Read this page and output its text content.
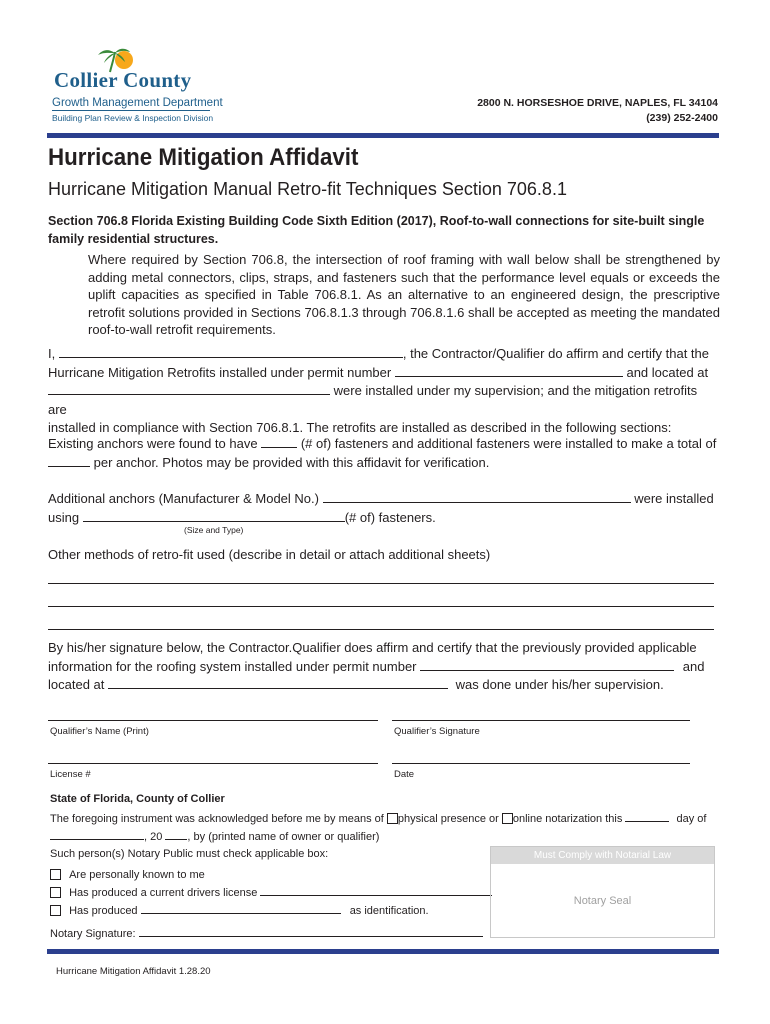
Collier County
Growth Management Department
Building Plan Review & Inspection Division
2800 N. HORSESHOE DRIVE, NAPLES, FL 34104
(239) 252-2400
Hurricane Mitigation Affidavit
Hurricane Mitigation Manual Retro-fit Techniques Section 706.8.1
Section 706.8 Florida Existing Building Code Sixth Edition (2017), Roof-to-wall connections for site-built single family residential structures.
Where required by Section 706.8, the intersection of roof framing with wall below shall be strengthened by adding metal connectors, clips, straps, and fasteners such that the performance level equals or exceeds the uplift capacities as specified in Table 706.8.1. As an alternative to an engineered design, the prescriptive retrofit solutions provided in Sections 706.8.1.3 through 706.8.1.6 shall be accepted as meeting the mandated roof-to-wall retrofit requirements.
I,	, the Contractor/Qualifier do affirm and certify that the
Hurricane Mitigation Retrofits installed under permit number	and located at
were installed under my supervision; and the mitigation retrofits are
installed in compliance with Section 706.8.1. The retrofits are installed as described in the following sections:
Existing anchors were found to have	(# of) fasteners and additional fasteners were installed to make a total of
per anchor. Photos may be provided with this affidavit for verification.
Additional anchors (Manufacturer & Model No.)	were installed
using	(# of) fasteners.
(Size and Type)
Other methods of retro-fit used (describe in detail or attach additional sheets)
By his/her signature below, the Contractor.Qualifier does affirm and certify that the previously provided applicable
information for the roofing system installed under permit number	and
located at	was done under his/her supervision.
Qualifier’s Name (Print)	Qualifier’s Signature
License #	Date
State of Florida, County of Collier
The foregoing instrument was acknowledged before me by means of physical presence or online notarization this	day of
, 20 , by (printed name of owner or qualifier)
Such person(s) Notary Public must check applicable box:
Are personally known to me
Has produced a current drivers license
Has produced	as identification.
Notary Signature:
Must Comply with Notarial Law
Notary Seal
Hurricane Mitigation Affidavit 1.28.20
